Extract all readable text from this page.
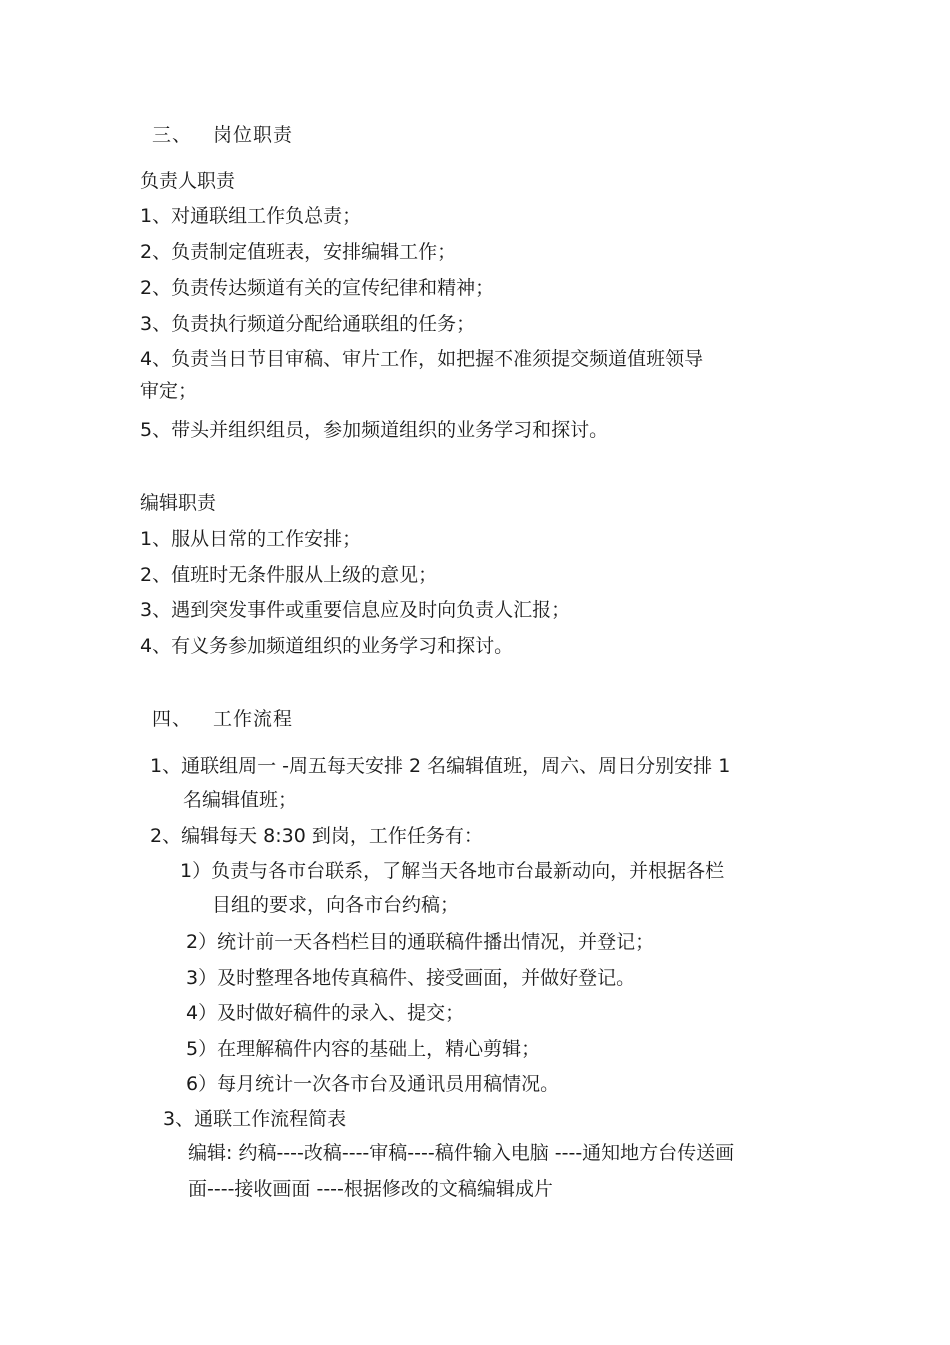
三、 岗位职责
负责人职责
1、对通联组工作负总责；
2、负责制定值班表，安排编辑工作；
2、负责传达频道有关的宣传纪律和精神；
3、负责执行频道分配给通联组的任务；
4、负责当日节目审稿、审片工作，如把握不准须提交频道值班领导
审定；
5、带头并组织组员，参加频道组织的业务学习和探讨。
编辑职责
1、服从日常的工作安排；
2、值班时无条件服从上级的意见；
3、遇到突发事件或重要信息应及时向负责人汇报；
4、有义务参加频道组织的业务学习和探讨。
四、 工作流程
1、通联组周一 -周五每天安排 2 名编辑值班，周六、周日分别安排 1
名编辑值班；
2、编辑每天 8:30 到岗，工作任务有：
1）负责与各市台联系，了解当天各地市台最新动向，并根据各栏
目组的要求，向各市台约稿；
2）统计前一天各档栏目的通联稿件播出情况，并登记；
3）及时整理各地传真稿件、接受画面，并做好登记。
4）及时做好稿件的录入、提交；
5）在理解稿件内容的基础上，精心剪辑；
6）每月统计一次各市台及通讯员用稿情况。
3、通联工作流程简表
编辑: 约稿----改稿----审稿----稿件输入电脑 ----通知地方台传送画
面----接收画面 ----根据修改的文稿编辑成片
